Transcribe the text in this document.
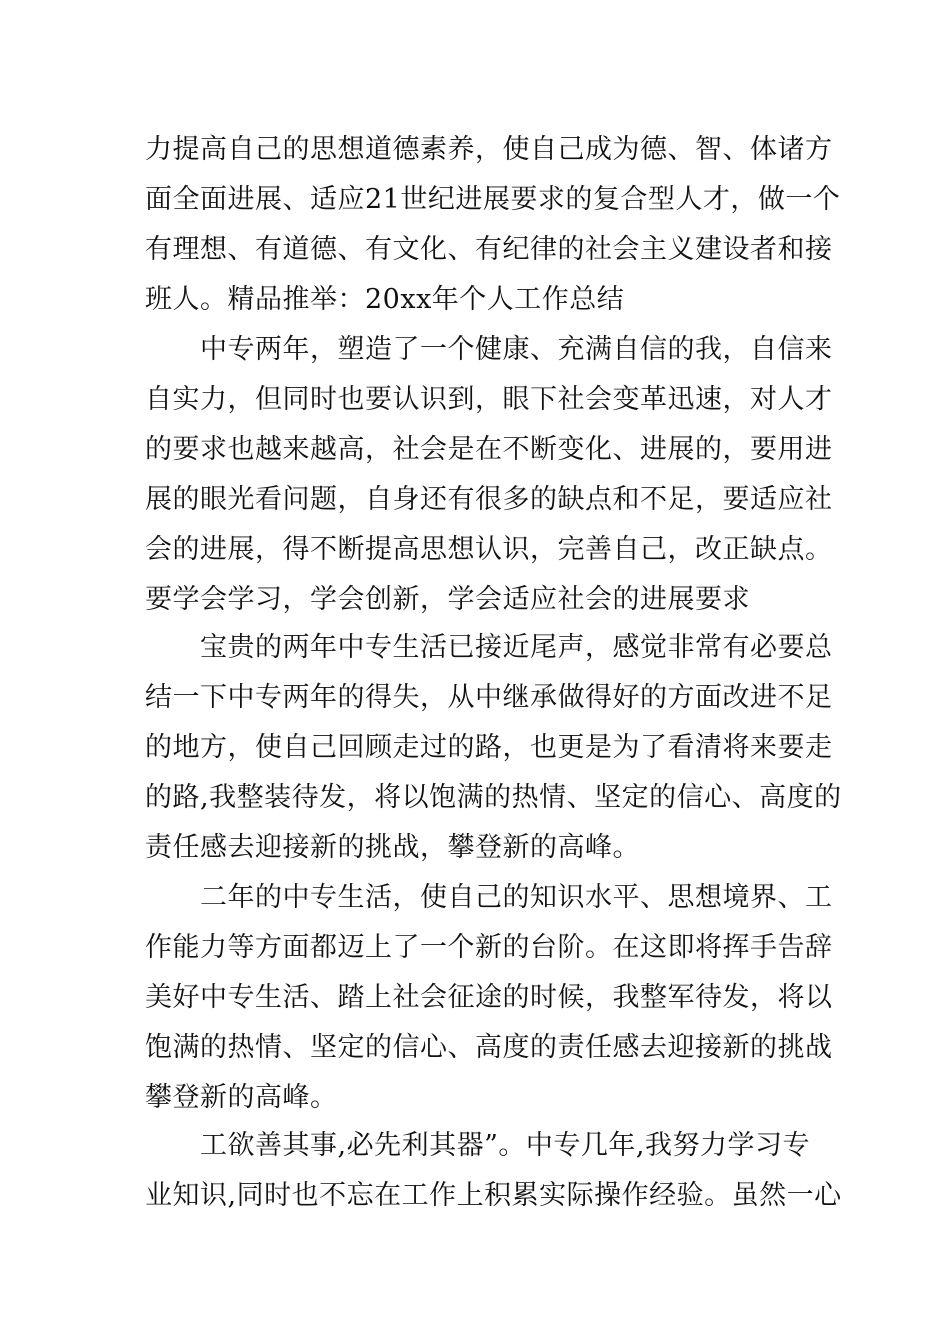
力提高自己的思想道德素养，使自己成为德、智、体诸方
面全面进展、适应21世纪进展要求的复合型人才，做一个
有理想、有道德、有文化、有纪律的社会主义建设者和接
班人。精品推举：20xx年个人工作总结
中专两年，塑造了一个健康、充满自信的我，自信来
自实力，但同时也要认识到，眼下社会变革迅速，对人才
的要求也越来越高，社会是在不断变化、进展的，要用进
展的眼光看问题，自身还有很多的缺点和不足，要适应社
会的进展，得不断提高思想认识，完善自己，改正缺点。
要学会学习，学会创新，学会适应社会的进展要求
宝贵的两年中专生活已接近尾声，感觉非常有必要总
结一下中专两年的得失，从中继承做得好的方面改进不足
的地方，使自己回顾走过的路，也更是为了看清将来要走
的路,我整装待发，将以饱满的热情、坚定的信心、高度的
责任感去迎接新的挑战，攀登新的高峰。
二年的中专生活，使自己的知识水平、思想境界、工
作能力等方面都迈上了一个新的台阶。在这即将挥手告辞
美好中专生活、踏上社会征途的时候，我整军待发，将以
饱满的热情、坚定的信心、高度的责任感去迎接新的挑战
攀登新的高峰。
工欲善其事,必先利其器”。中专几年,我努力学习专
业知识,同时也不忘在工作上积累实际操作经验。虽然一心
